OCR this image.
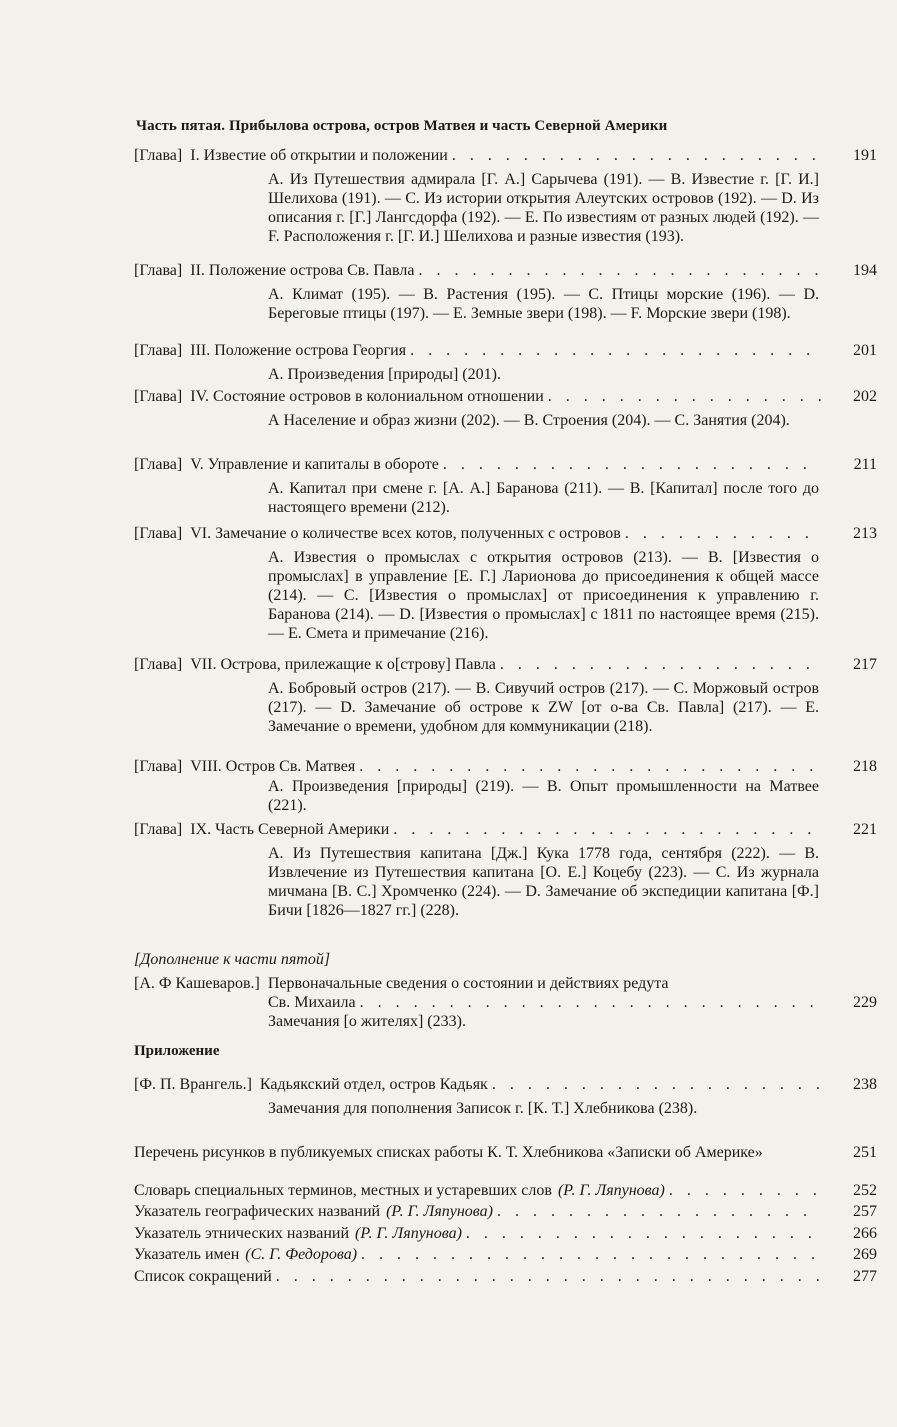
Часть пятая. Прибылова острова, остров Матвея и часть Северной Америки
[Глава] I. Известие об открытии и положении . . .	191
А. Из Путешествия адмирала [Г. А.] Сарычева (191). — В. Известие г. [Г. И.] Шелихова (191). — С. Из истории открытия Алеутских островов (192). — D. Из описания г. [Г.] Лангсдорфа (192). — Е. По известиям от разных людей (192). — F. Расположения г. [Г. И.] Шелихова и разные известия (193).
[Глава] II. Положение острова Св. Павла . . .	194
А. Климат (195). — В. Растения (195). — С. Птицы морские (196). — D. Береговые птицы (197). — Е. Земные звери (198). — F. Морские звери (198).
[Глава] III. Положение острова Георгия . . .	201
А. Произведения [природы] (201).
[Глава] IV. Состояние островов в колониальном отношении . . .	202
А Население и образ жизни (202). — В. Строения (204). — С. Занятия (204).
[Глава] V. Управление и капиталы в обороте . . .	211
А. Капитал при смене г. [А. А.] Баранова (211). — В. [Капитал] после того до настоящего времени (212).
[Глава] VI. Замечание о количестве всех котов, полученных с островов . . .	213
А. Известия о промыслах с открытия островов (213). — В. [Известия о промыслах] в управление [Е. Г.] Ларионова до присоединения к общей массе (214). — С. [Известия о промыслах] от присоединения к управлению г. Баранова (214). — D. [Известия о промыслах] с 1811 по настоящее время (215). — Е. Смета и примечание (216).
[Глава] VII. Острова, прилежащие к о[строву] Павла . . .	217
А. Бобровый остров (217). — В. Сивучий остров (217). — С. Моржовый остров (217). — D. Замечание об острове к ZW [от о-ва Св. Павла] (217). — Е. Замечание о времени, удобном для коммуникации (218).
[Глава] VIII. Остров Св. Матвея . . .	218
А. Произведения [природы] (219). — В. Опыт промышленности на Матвее (221).
[Глава] IX. Часть Северной Америки . . .	221
А. Из Путешествия капитана [Дж.] Кука 1778 года, сентября (222). — В. Извлечение из Путешествия капитана [О. Е.] Коцебу (223). — С. Из журнала мичмана [В. С.] Хромченко (224). — D. Замечание об экспедиции капитана [Ф.] Бичи [1826—1827 гг.] (228).
[Дополнение к части пятой]
[А. Ф Кашеваров.] Первоначальные сведения о состоянии и действиях редута
Св. Михаила . . .	229
Замечания [о жителях] (233).
Приложение
[Ф. П. Врангель.] Кадьякский отдел, остров Кадьяк . . .	238
Замечания для пополнения Записок г. [К. Т.] Хлебникова (238).
Перечень рисунков в публикуемых списках работы К. Т. Хлебникова «Записки об Америке»	251
Словарь специальных терминов, местных и устаревших слов (Р. Г. Ляпунова) . . .	252
Указатель географических названий (Р. Г. Ляпунова) . . .	257
Указатель этнических названий (Р. Г. Ляпунова) . . .	266
Указатель имен (С. Г. Федорова) . . .	269
Список сокращений . . .	277
